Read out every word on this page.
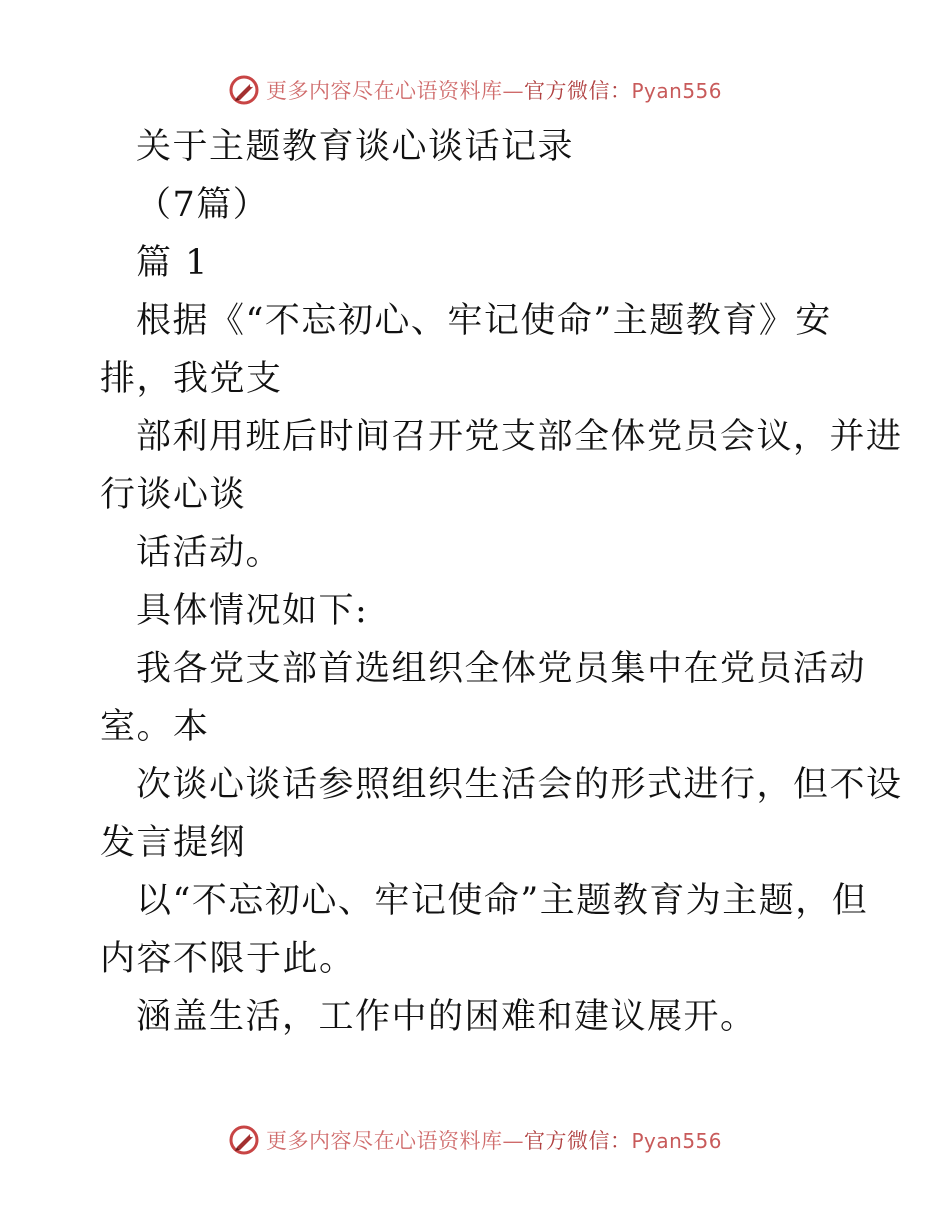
更多内容尽在心语资料库—官方微信：Pyan556
关于主题教育谈心谈话记录
（7篇）
篇 1
根据《“不忘初心、牢记使命”主题教育》安
排，我党支
部利用班后时间召开党支部全体党员会议，并进
行谈心谈
话活动。
具体情况如下:
我各党支部首选组织全体党员集中在党员活动
室。本
次谈心谈话参照组织生活会的形式进行，但不设
发言提纲
以“不忘初心、牢记使命”主题教育为主题，但
内容不限于此。
涵盖生活，工作中的困难和建议展开。
更多内容尽在心语资料库—官方微信：Pyan556
